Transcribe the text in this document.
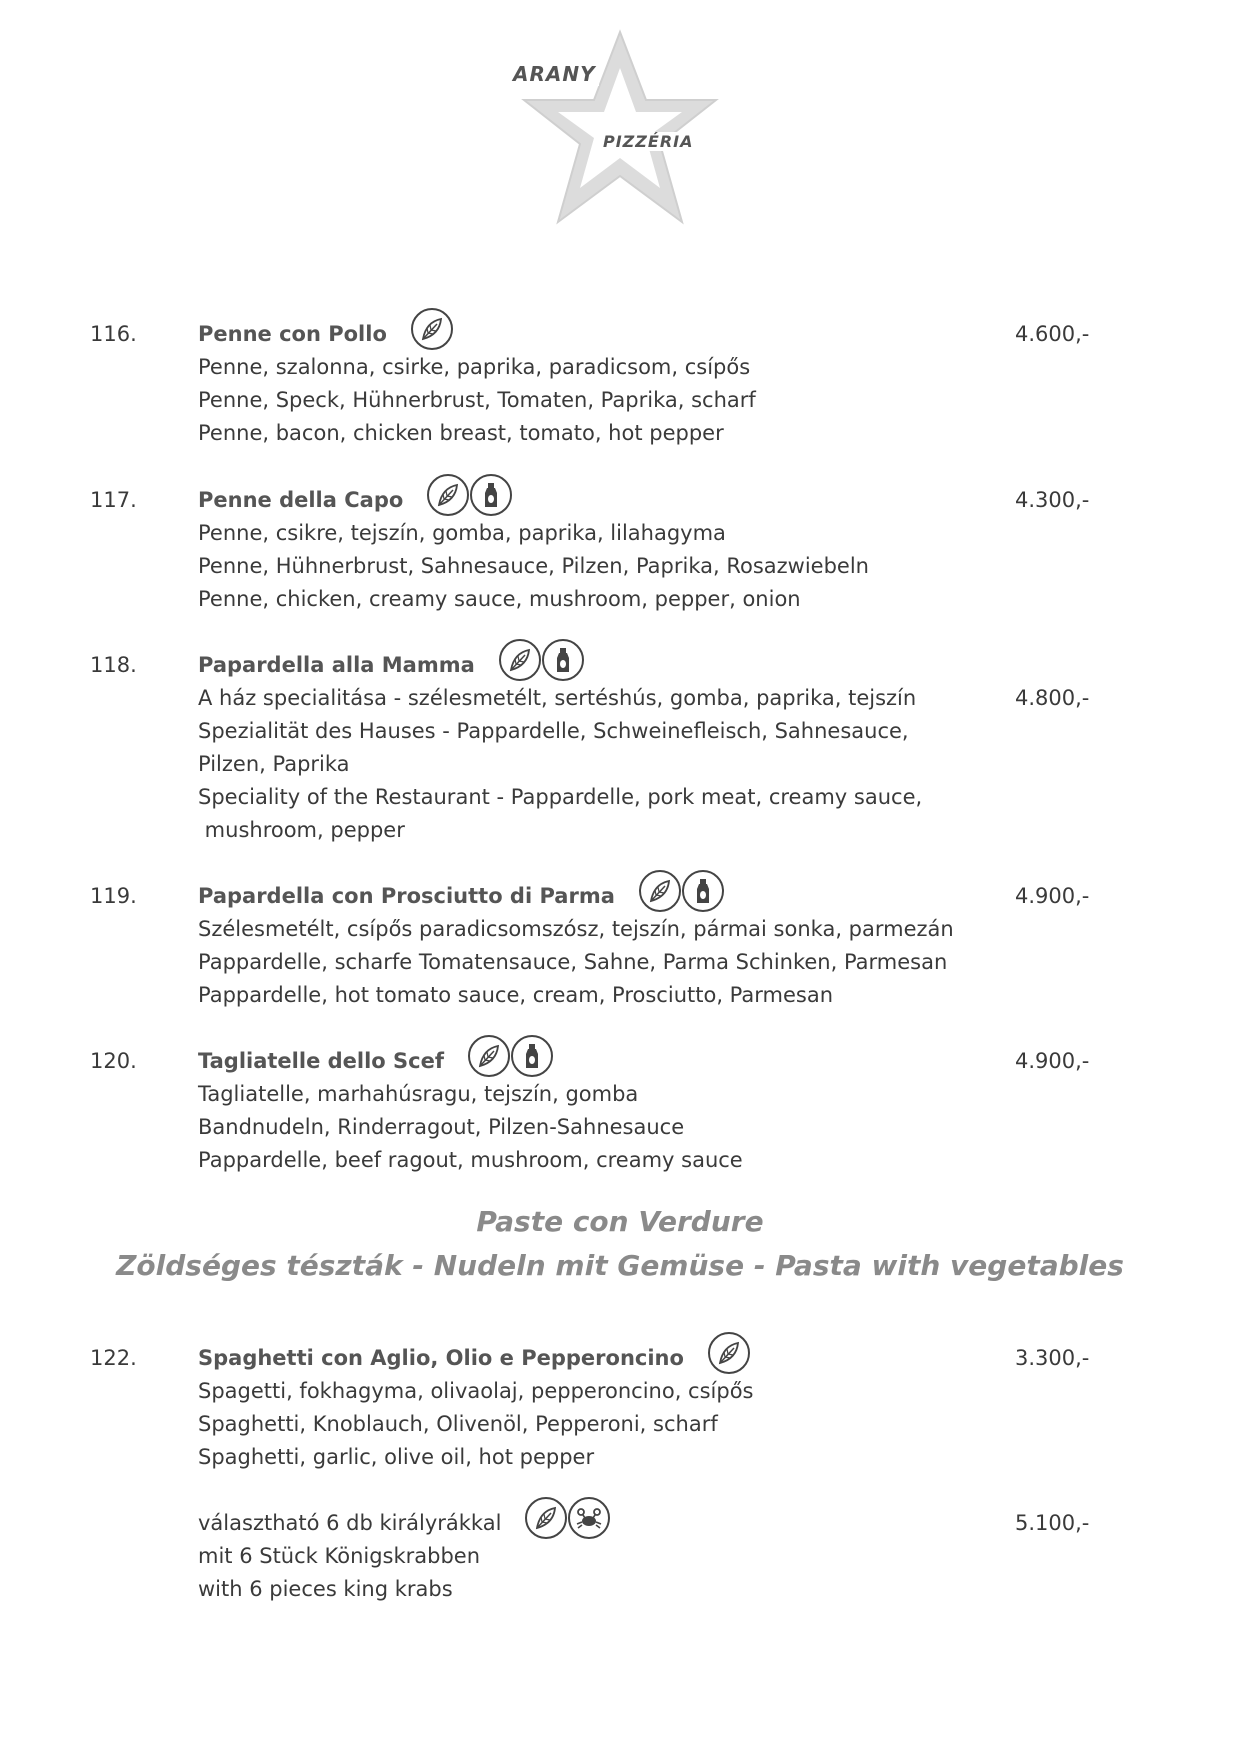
ARANY
PIZZÉRIA
116.	Penne con Pollo
Penne, szalonna, csirke, paprika, paradicsom, csípős
Penne, Speck, Hühnerbrust, Tomaten, Paprika, scharf
Penne, bacon, chicken breast, tomato, hot pepper
4.600,-
117.	Penne della Capo
Penne, csikre, tejszín, gomba, paprika, lilahagyma
Penne, Hühnerbrust, Sahnesauce, Pilzen, Paprika, Rosazwiebeln
Penne, chicken, creamy sauce, mushroom, pepper, onion
4.300,-
118.	Papardella alla Mamma
A ház specialitása - szélesmetélt, sertéshús, gomba, paprika, tejszín
Spezialität des Hauses - Pappardelle, Schweinefleisch, Sahnesauce,
Pilzen, Paprika
Speciality of the Restaurant - Pappardelle, pork meat, creamy sauce,
mushroom, pepper
4.800,-
119.	Papardella con Prosciutto di Parma
Szélesmetélt, csípős paradicsomszósz, tejszín, pármai sonka, parmezán
Pappardelle, scharfe Tomatensauce, Sahne, Parma Schinken, Parmesan
Pappardelle, hot tomato sauce, cream, Prosciutto, Parmesan
4.900,-
120.	Tagliatelle dello Scef
Tagliatelle, marhahúsragu, tejszín, gomba
Bandnudeln, Rinderragout, Pilzen-Sahnesauce
Pappardelle, beef ragout, mushroom, creamy sauce
4.900,-
Paste con Verdure
Zöldséges tészták - Nudeln mit Gemüse - Pasta with vegetables
122.	Spaghetti con Aglio, Olio e Pepperoncino
Spagetti, fokhagyma, olivaolaj, pepperoncino, csípős
Spaghetti, Knoblauch, Olivenöl, Pepperoni, scharf
Spaghetti, garlic, olive oil, hot pepper
3.300,-
választható 6 db királyrákkal
mit 6 Stück Königskrabben
with 6 pieces king krabs
5.100,-
